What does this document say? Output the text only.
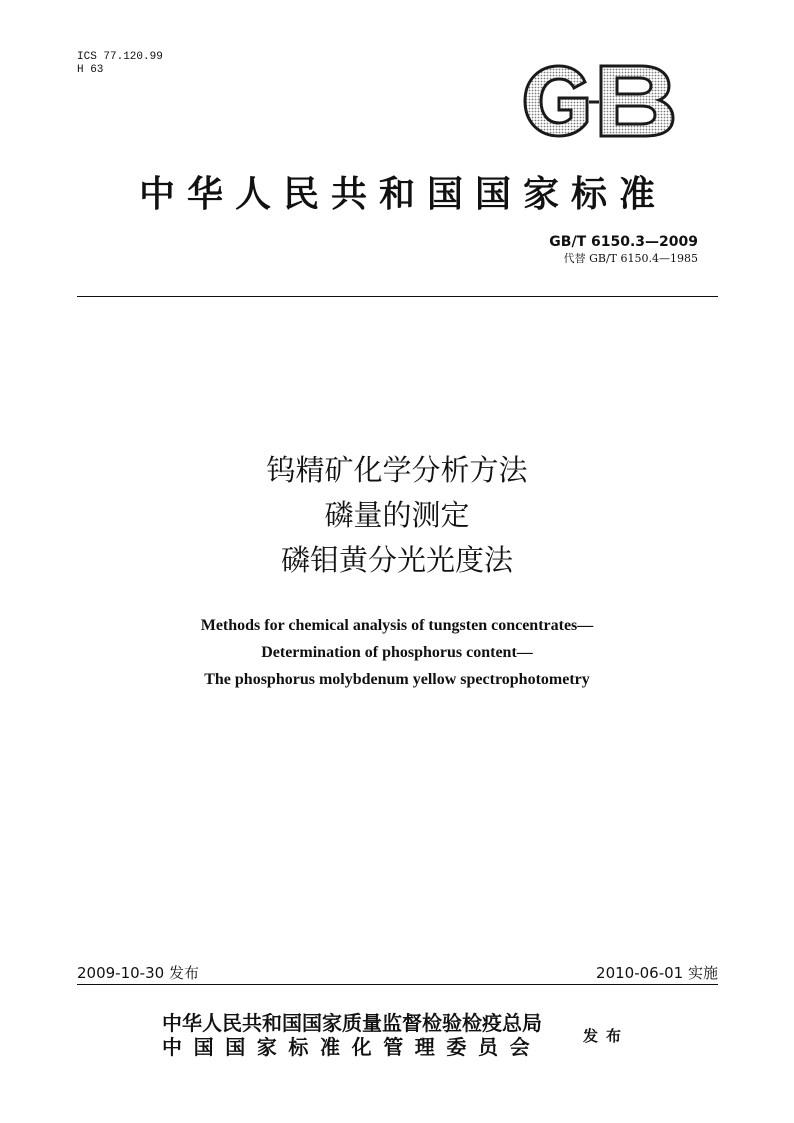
ICS 77.120.99
H 63
中华人民共和国国家标准
GB/T 6150.3—2009
代替 GB/T 6150.4—1985
钨精矿化学分析方法
磷量的测定
磷钼黄分光光度法
Methods for chemical analysis of tungsten concentrates—
Determination of phosphorus content—
The phosphorus molybdenum yellow spectrophotometry
2009-10-30 发布	2010-06-01 实施
中华人民共和国国家质量监督检验检疫总局
中国国家标准化管理委员会	发布
